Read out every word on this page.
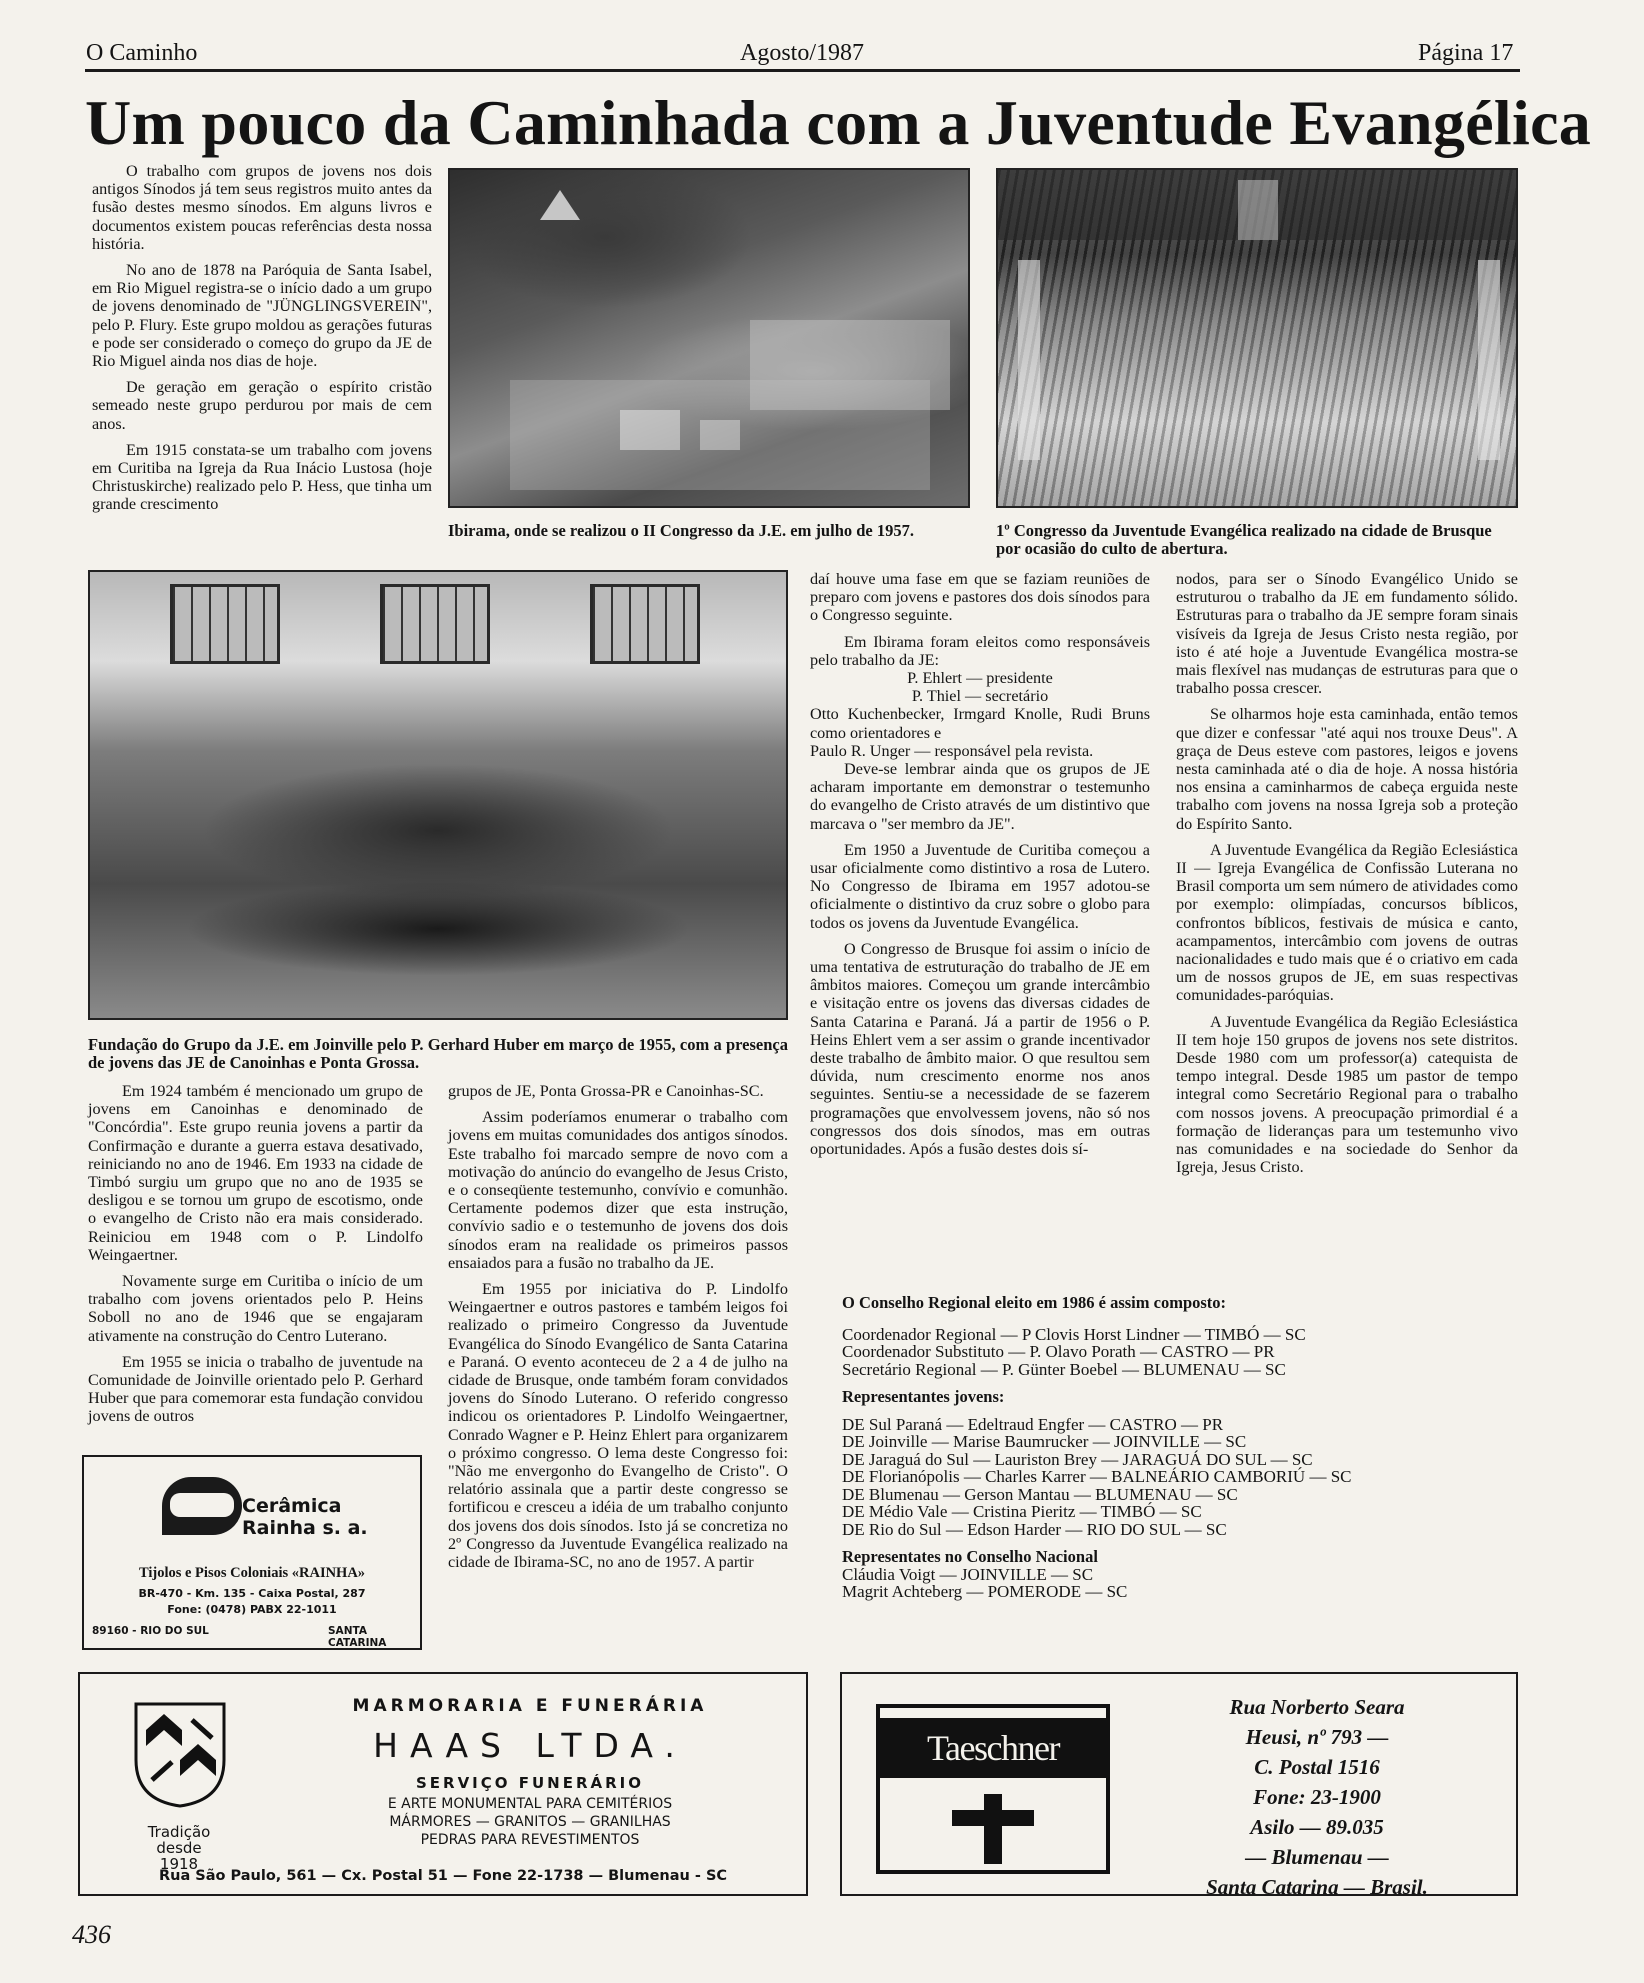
O Caminho	Agosto/1987	Página 17
Um pouco da Caminhada com a Juventude Evangélica

O trabalho com grupos de jovens nos dois antigos Sínodos já tem seus registros muito antes da fusão destes mesmo sínodos. Em alguns livros e documentos existem poucas referências desta nossa história.

No ano de 1878 na Paróquia de Santa Isabel, em Rio Miguel registra-se o início dado a um grupo de jovens denominado de "JÜNGLINGSVEREIN", pelo P. Flury. Este grupo moldou as gerações futuras e pode ser considerado o começo do grupo da JE de Rio Miguel ainda nos dias de hoje.

De geração em geração o espírito cristão semeado neste grupo perdurou por mais de cem anos.

Em 1915 constata-se um trabalho com jovens em Curitiba na Igreja da Rua Inácio Lustosa (hoje Christuskirche) realizado pelo P. Hess, que tinha um grande crescimento

Ibirama, onde se realizou o II Congresso da J.E. em julho de 1957.	1º Congresso da Juventude Evangélica realizado na cidade de Brusque por ocasião do culto de abertura.
Fundação do Grupo da J.E. em Joinville pelo P. Gerhard Huber em março de 1955, com a presença de jovens das JE de Canoinhas e Ponta Grossa.

Em 1924 também é mencionado um grupo de jovens em Canoinhas e denominado de "Concórdia". Este grupo reunia jovens a partir da Confirmação e durante a guerra estava desativado, reiniciando no ano de 1946. Em 1933 na cidade de Timbó surgiu um grupo que no ano de 1935 se desligou e se tornou um grupo de escotismo, onde o evangelho de Cristo não era mais considerado. Reiniciou em 1948 com o P. Lindolfo Weingaertner.

Novamente surge em Curitiba o início de um trabalho com jovens orientados pelo P. Heins Soboll no ano de 1946 que se engajaram ativamente na construção do Centro Luterano.

Em 1955 se inicia o trabalho de juventude na Comunidade de Joinville orientado pelo P. Gerhard Huber que para comemorar esta fundação convidou jovens de outros

grupos de JE, Ponta Grossa-PR e Canoinhas-SC.

Assim poderíamos enumerar o trabalho com jovens em muitas comunidades dos antigos sínodos. Este trabalho foi marcado sempre de novo com a motivação do anúncio do evangelho de Jesus Cristo, e o conseqüente testemunho, convívio e comunhão. Certamente podemos dizer que esta instrução, convívio sadio e o testemunho de jovens dos dois sínodos eram na realidade os primeiros passos ensaiados para a fusão no trabalho da JE.

Em 1955 por iniciativa do P. Lindolfo Weingaertner e outros pastores e também leigos foi realizado o primeiro Congresso da Juventude Evangélica do Sínodo Evangélico de Santa Catarina e Paraná. O evento aconteceu de 2 a 4 de julho na cidade de Brusque, onde também foram convidados jovens do Sínodo Luterano. O referido congresso indicou os orientadores P. Lindolfo Weingaertner, Conrado Wagner e P. Heinz Ehlert para organizarem o próximo congresso. O lema deste Congresso foi: "Não me envergonho do Evangelho de Cristo". O relatório assinala que a partir deste congresso se fortificou e cresceu a idéia de um trabalho conjunto dos jovens dos dois sínodos. Isto já se concretiza no 2º Congresso da Juventude Evangélica realizado na cidade de Ibirama-SC, no ano de 1957. A partir

daí houve uma fase em que se faziam reuniões de preparo com jovens e pastores dos dois sínodos para o Congresso seguinte.

Em Ibirama foram eleitos como responsáveis pelo trabalho da JE:

P. Ehlert — presidente

P. Thiel — secretário

Otto Kuchenbecker, Irmgard Knolle, Rudi Bruns como orientadores e

Paulo R. Unger — responsável pela revista.

Deve-se lembrar ainda que os grupos de JE acharam importante em demonstrar o testemunho do evangelho de Cristo através de um distintivo que marcava o "ser membro da JE".

Em 1950 a Juventude de Curitiba começou a usar oficialmente como distintivo a rosa de Lutero. No Congresso de Ibirama em 1957 adotou-se oficialmente o distintivo da cruz sobre o globo para todos os jovens da Juventude Evangélica.

O Congresso de Brusque foi assim o início de uma tentativa de estruturação do trabalho de JE em âmbitos maiores. Começou um grande intercâmbio e visitação entre os jovens das diversas cidades de Santa Catarina e Paraná. Já a partir de 1956 o P. Heins Ehlert vem a ser assim o grande incentivador deste trabalho de âmbito maior. O que resultou sem dúvida, num crescimento enorme nos anos seguintes. Sentiu-se a necessidade de se fazerem programações que envolvessem jovens, não só nos congressos dos dois sínodos, mas em outras oportunidades. Após a fusão destes dois sí-

nodos, para ser o Sínodo Evangélico Unido se estruturou o trabalho da JE em fundamento sólido. Estruturas para o trabalho da JE sempre foram sinais visíveis da Igreja de Jesus Cristo nesta região, por isto é até hoje a Juventude Evangélica mostra-se mais flexível nas mudanças de estruturas para que o trabalho possa crescer.

Se olharmos hoje esta caminhada, então temos que dizer e confessar "até aqui nos trouxe Deus". A graça de Deus esteve com pastores, leigos e jovens nesta caminhada até o dia de hoje. A nossa história nos ensina a caminharmos de cabeça erguida neste trabalho com jovens na nossa Igreja sob a proteção do Espírito Santo.

A Juventude Evangélica da Região Eclesiástica II — Igreja Evangélica de Confissão Luterana no Brasil comporta um sem número de atividades como por exemplo: olimpíadas, concursos bíblicos, confrontos bíblicos, festivais de música e canto, acampamentos, intercâmbio com jovens de outras nacionalidades e tudo mais que é o criativo em cada um de nossos grupos de JE, em suas respectivas comunidades-paróquias.

A Juventude Evangélica da Região Eclesiástica II tem hoje 150 grupos de jovens nos sete distritos. Desde 1980 com um professor(a) catequista de tempo integral. Desde 1985 um pastor de tempo integral como Secretário Regional para o trabalho com nossos jovens. A preocupação primordial é a formação de lideranças para um testemunho vivo nas comunidades e na sociedade do Senhor da Igreja, Jesus Cristo.

O Conselho Regional eleito em 1986 é assim composto:
Coordenador Regional — P Clovis Horst Lindner — TIMBÓ — SC
Coordenador Substituto — P. Olavo Porath — CASTRO — PR
Secretário Regional — P. Günter Boebel — BLUMENAU — SC
Representantes jovens:
DE Sul Paraná — Edeltraud Engfer — CASTRO — PR
DE Joinville — Marise Baumrucker — JOINVILLE — SC
DE Jaraguá do Sul — Lauriston Brey — JARAGUÁ DO SUL — SC
DE Florianópolis — Charles Karrer — BALNEÁRIO CAMBORIÚ — SC
DE Blumenau — Gerson Mantau — BLUMENAU — SC
DE Médio Vale — Cristina Pieritz — TIMBÓ — SC
DE Rio do Sul — Edson Harder — RIO DO SUL — SC
Representates no Conselho Nacional
Cláudia Voigt — JOINVILLE — SC
Magrit Achteberg — POMERODE — SC
Cerâmica
Rainha s. a.
Tijolos e Pisos Coloniais «RAINHA»
BR-470 - Km. 135 - Caixa Postal, 287
Fone: (0478) PABX 22-1011
89160 - RIO DO SUL	SANTA CATARINA
Tradição
desde
1918
MARMORARIA E FUNERÁRIA
HAAS LTDA.
SERVIÇO FUNERÁRIO
E ARTE MONUMENTAL PARA CEMITÉRIOS
MÁRMORES — GRANITOS — GRANILHAS
PEDRAS PARA REVESTIMENTOS
Rua São Paulo, 561 — Cx. Postal 51 — Fone 22-1738 — Blumenau - SC
Taeschner
Rua Norberto Seara
Heusi, nº 793 —
C. Postal 1516
Fone: 23-1900
Asilo — 89.035
— Blumenau —
Santa Catarina — Brasil.
436
